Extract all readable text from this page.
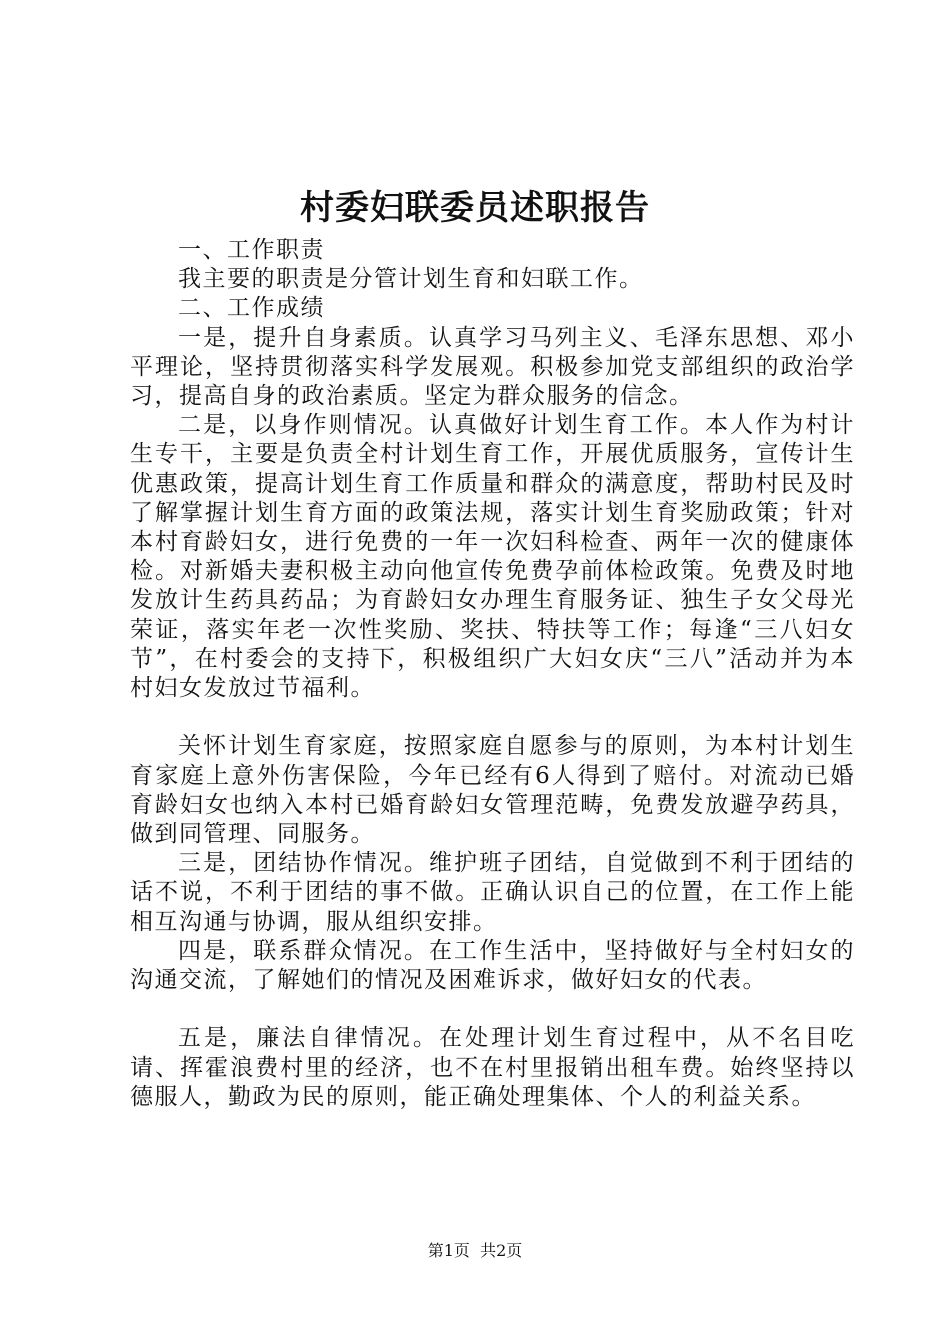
村委妇联委员述职报告

一、工作职责

我主要的职责是分管计划生育和妇联工作。

二、工作成绩

一是，提升自身素质。认真学习马列主义、毛泽东思想、邓小平理论，坚持贯彻落实科学发展观。积极参加党支部组织的政治学习，提高自身的政治素质。坚定为群众服务的信念。

二是，以身作则情况。认真做好计划生育工作。本人作为村计生专干，主要是负责全村计划生育工作，开展优质服务，宣传计生优惠政策，提高计划生育工作质量和群众的满意度，帮助村民及时了解掌握计划生育方面的政策法规，落实计划生育奖励政策；针对本村育龄妇女，进行免费的一年一次妇科检查、两年一次的健康体检。对新婚夫妻积极主动向他宣传免费孕前体检政策。免费及时地发放计生药具药品；为育龄妇女办理生育服务证、独生子女父母光荣证，落实年老一次性奖励、奖扶、特扶等工作；每逢“三八妇女节”，在村委会的支持下，积极组织广大妇女庆“三八”活动并为本村妇女发放过节福利。

关怀计划生育家庭，按照家庭自愿参与的原则，为本村计划生育家庭上意外伤害保险，今年已经有6人得到了赔付。对流动已婚育龄妇女也纳入本村已婚育龄妇女管理范畴，免费发放避孕药具，做到同管理、同服务。

三是，团结协作情况。维护班子团结，自觉做到不利于团结的话不说，不利于团结的事不做。正确认识自己的位置，在工作上能相互沟通与协调，服从组织安排。

四是，联系群众情况。在工作生活中，坚持做好与全村妇女的沟通交流，了解她们的情况及困难诉求，做好妇女的代表。

五是，廉法自律情况。在处理计划生育过程中，从不名目吃请、挥霍浪费村里的经济，也不在村里报销出租车费。始终坚持以德服人，勤政为民的原则，能正确处理集体、个人的利益关系。

第1页  共2页
